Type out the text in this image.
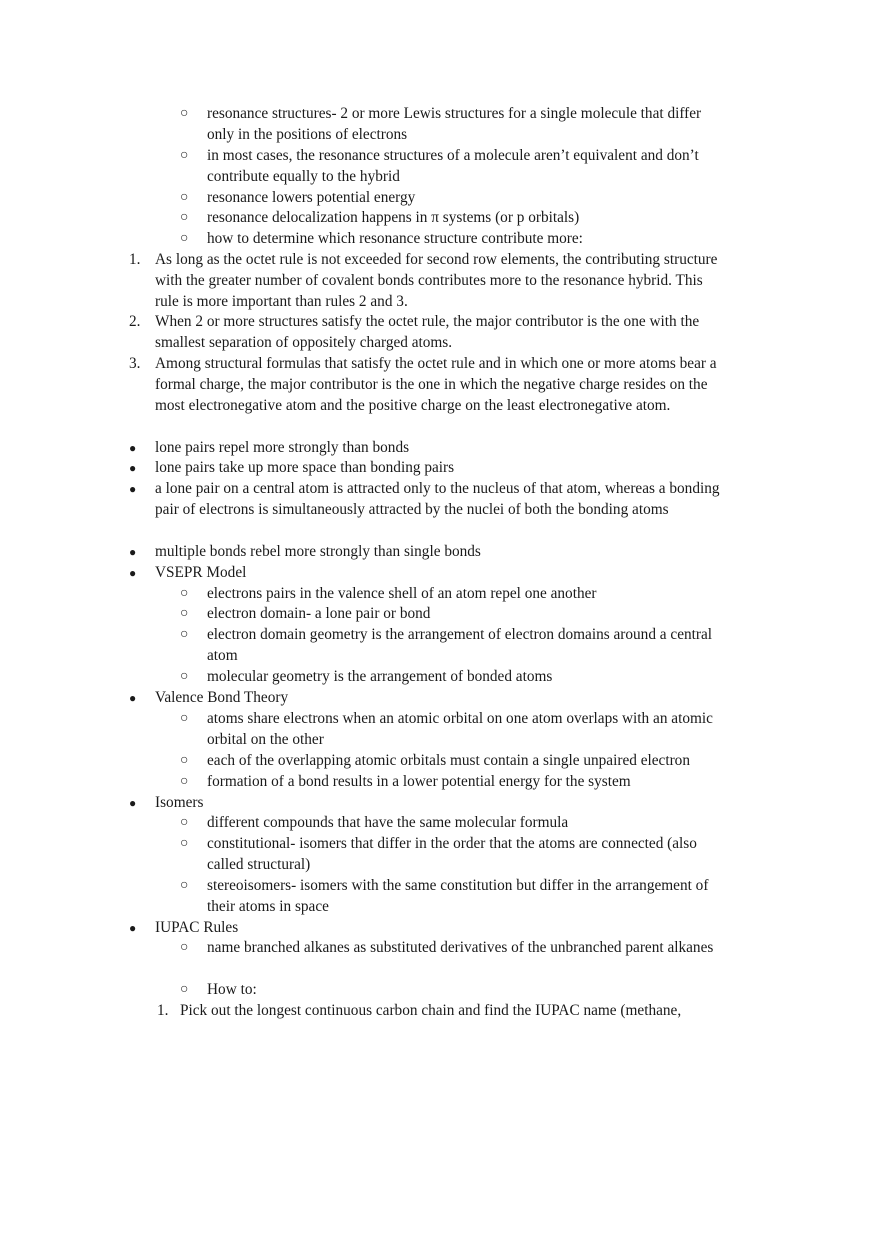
○ resonance structures- 2 or more Lewis structures for a single molecule that differ only in the positions of electrons
○ in most cases, the resonance structures of a molecule aren’t equivalent and don’t contribute equally to the hybrid
○ resonance lowers potential energy
○ resonance delocalization happens in π systems (or p orbitals)
○ how to determine which resonance structure contribute more:
1. As long as the octet rule is not exceeded for second row elements, the contributing structure with the greater number of covalent bonds contributes more to the resonance hybrid. This rule is more important than rules 2 and 3.
2. When 2 or more structures satisfy the octet rule, the major contributor is the one with the smallest separation of oppositely charged atoms.
3. Among structural formulas that satisfy the octet rule and in which one or more atoms bear a formal charge, the major contributor is the one in which the negative charge resides on the most electronegative atom and the positive charge on the least electronegative atom.
● lone pairs repel more strongly than bonds
● lone pairs take up more space than bonding pairs
● a lone pair on a central atom is attracted only to the nucleus of that atom, whereas a bonding pair of electrons is simultaneously attracted by the nuclei of both the bonding atoms
● multiple bonds rebel more strongly than single bonds
● VSEPR Model
○ electrons pairs in the valence shell of an atom repel one another
○ electron domain- a lone pair or bond
○ electron domain geometry is the arrangement of electron domains around a central atom
○ molecular geometry is the arrangement of bonded atoms
● Valence Bond Theory
○ atoms share electrons when an atomic orbital on one atom overlaps with an atomic orbital on the other
○ each of the overlapping atomic orbitals must contain a single unpaired electron
○ formation of a bond results in a lower potential energy for the system
● Isomers
○ different compounds that have the same molecular formula
○ constitutional- isomers that differ in the order that the atoms are connected (also called structural)
○ stereoisomers- isomers with the same constitution but differ in the arrangement of their atoms in space
● IUPAC Rules
○ name branched alkanes as substituted derivatives of the unbranched parent alkanes
○ How to:
1. Pick out the longest continuous carbon chain and find the IUPAC name (methane,
